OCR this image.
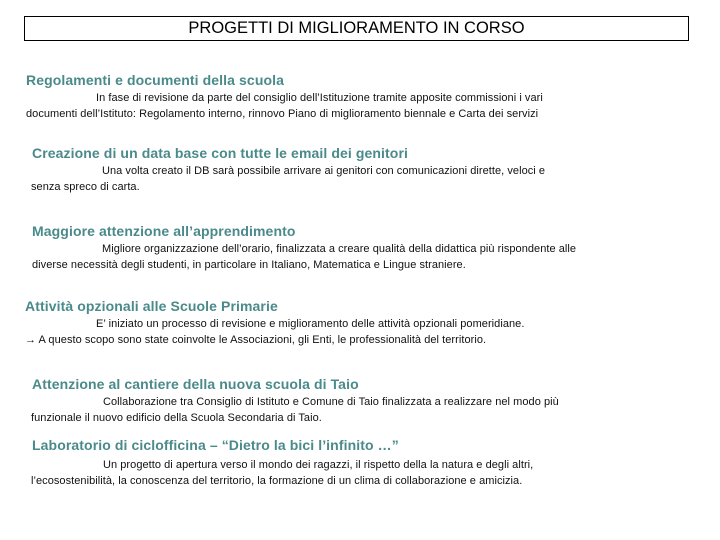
PROGETTI DI MIGLIORAMENTO IN CORSO
Regolamenti e documenti della scuola
In fase di revisione da parte del consiglio dell’Istituzione tramite apposite commissioni i vari
documenti dell’Istituto: Regolamento interno, rinnovo Piano di miglioramento biennale e Carta dei servizi
Creazione di un data base con tutte le email dei genitori
Una volta creato il DB sarà possibile arrivare ai genitori con comunicazioni dirette, veloci e
senza spreco di carta.
Maggiore attenzione all’apprendimento
Migliore organizzazione dell’orario, finalizzata a creare qualità della didattica più rispondente alle
diverse necessità degli studenti, in particolare in Italiano, Matematica e Lingue straniere.
Attività opzionali alle Scuole Primarie
E’ iniziato un processo di revisione e miglioramento delle attività opzionali pomeridiane.
→ A questo scopo sono state coinvolte le Associazioni, gli Enti, le professionalità del territorio.
Attenzione al cantiere della nuova scuola di Taio
Collaborazione tra Consiglio di Istituto e Comune di Taio finalizzata a realizzare nel modo più
funzionale il nuovo edificio della Scuola Secondaria di Taio.
Laboratorio di ciclofficina – “Dietro la bici l’infinito …”
Un progetto di apertura verso il mondo dei ragazzi, il rispetto della la natura e degli altri,
l’ecosostenibilità, la conoscenza del territorio, la formazione di un clima di collaborazione e amicizia.
